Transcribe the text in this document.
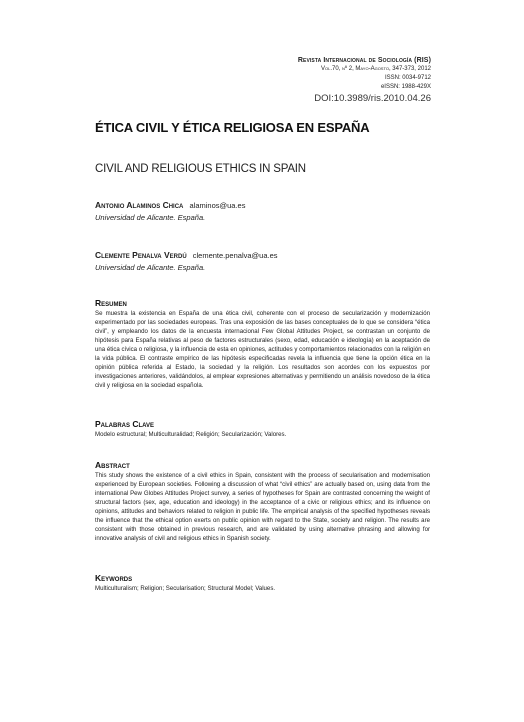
Revista Internacional de Sociología (RIS)
Vol.70, nº 2, Mayo-Agosto, 347-373, 2012
ISSN: 0034-9712
eISSN: 1988-429X
DOI:10.3989/ris.2010.04.26
ÉTICA CIVIL Y ÉTICA RELIGIOSA EN ESPAÑA
CIVIL AND RELIGIOUS ETHICS IN SPAIN
Antonio Alaminos Chica alaminos@ua.es
Universidad de Alicante. España.
Clemente Penalva Verdú clemente.penalva@ua.es
Universidad de Alicante. España.
Resumen

Se muestra la existencia en España de una ética civil, coherente con el proceso de secularización y modernización experimentado por las sociedades europeas. Tras una exposición de las bases conceptuales de lo que se considera “ética civil”, y empleando los datos de la encuesta internacional Few Global Attitudes Project, se contrastan un conjunto de hipótesis para España relativas al peso de factores estructurales (sexo, edad, educación e ideología) en la aceptación de una ética cívica o religiosa, y la influencia de esta en opiniones, actitudes y comportamientos relacionados con la religión en la vida pública. El contraste empírico de las hipótesis especificadas revela la influencia que tiene la opción ética en la opinión pública referida al Estado, la sociedad y la religión. Los resultados son acordes con los expuestos por investigaciones anteriores, validándolos, al emplear expresiones alternativas y permitiendo un análisis novedoso de la ética civil y religiosa en la sociedad española.

Palabras Clave

Modelo estructural; Multiculturalidad; Religión; Secularización; Valores.

Abstract

This study shows the existence of a civil ethics in Spain, consistent with the process of secularisation and modernisation experienced by European societies. Following a discussion of what “civil ethics” are actually based on, using data from the international Pew Globes Attitudes Project survey, a series of hypotheses for Spain are contrasted concerning the weight of structural factors (sex, age, education and ideology) in the acceptance of a civic or religious ethics; and its influence on opinions, attitudes and behaviors related to religion in public life. The empirical analysis of the specified hypotheses reveals the influence that the ethical option exerts on public opinion with regard to the State, society and religion. The results are consistent with those obtained in previous research, and are validated by using alternative phrasing and allowing for innovative analysis of civil and religious ethics in Spanish society.

Keywords

Multiculturalism; Religion; Secularisation; Structural Model; Values.
